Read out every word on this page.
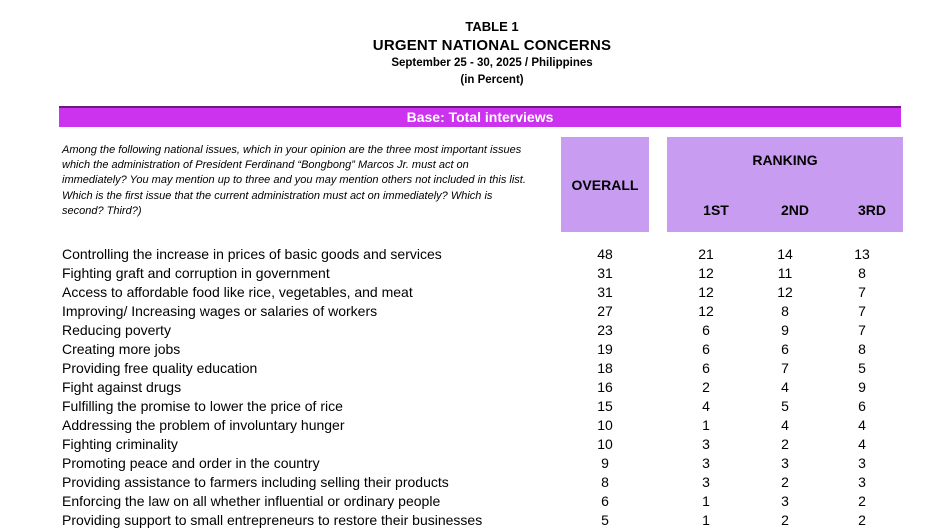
TABLE 1
URGENT NATIONAL CONCERNS
September 25 - 30, 2025 / Philippines
(in Percent)
Base: Total interviews
Among the following national issues, which in your opinion are the three most important issues which the administration of President Ferdinand “Bongbong” Marcos Jr. must act on immediately? You may mention up to three and you may mention others not included in this list. Which is the first issue that the current administration must act on immediately? Which is second? Third?)
OVERALL
RANKING
1ST	2ND	3RD
Controlling the increase in prices of basic goods and services	48	21	14	13
Fighting graft and corruption in government	31	12	11	8
Access to affordable food like rice, vegetables, and meat	31	12	12	7
Improving/ Increasing wages or salaries of workers	27	12	8	7
Reducing poverty	23	6	9	7
Creating more jobs	19	6	6	8
Providing free quality education	18	6	7	5
Fight against drugs	16	2	4	9
Fulfilling the promise to lower the price of rice	15	4	5	6
Addressing the problem of involuntary hunger	10	1	4	4
Fighting criminality	10	3	2	4
Promoting peace and order in the country	9	3	3	3
Providing assistance to farmers including selling their products	8	3	2	3
Enforcing the law on all whether influential or ordinary people	6	1	3	2
Providing support to small entrepreneurs to restore their businesses	5	1	2	2
